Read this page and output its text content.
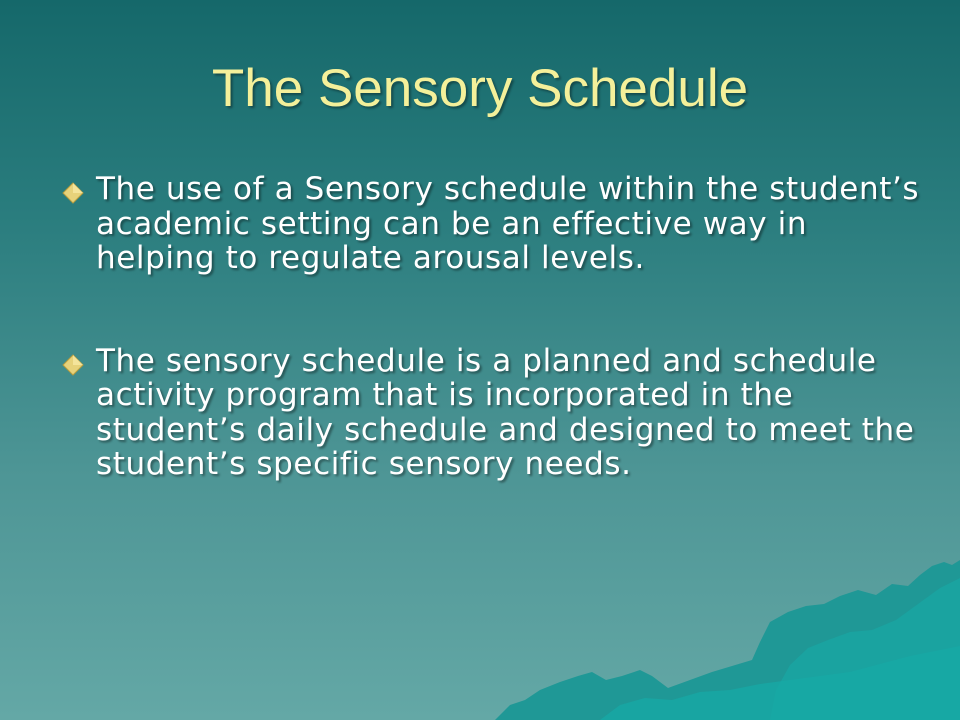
The Sensory Schedule
The use of a Sensory schedule within the student’s academic setting can be an effective way in helping to regulate arousal levels.
The sensory schedule is a planned and schedule activity program that is incorporated in the student’s daily schedule and designed to meet the student’s specific sensory needs.
